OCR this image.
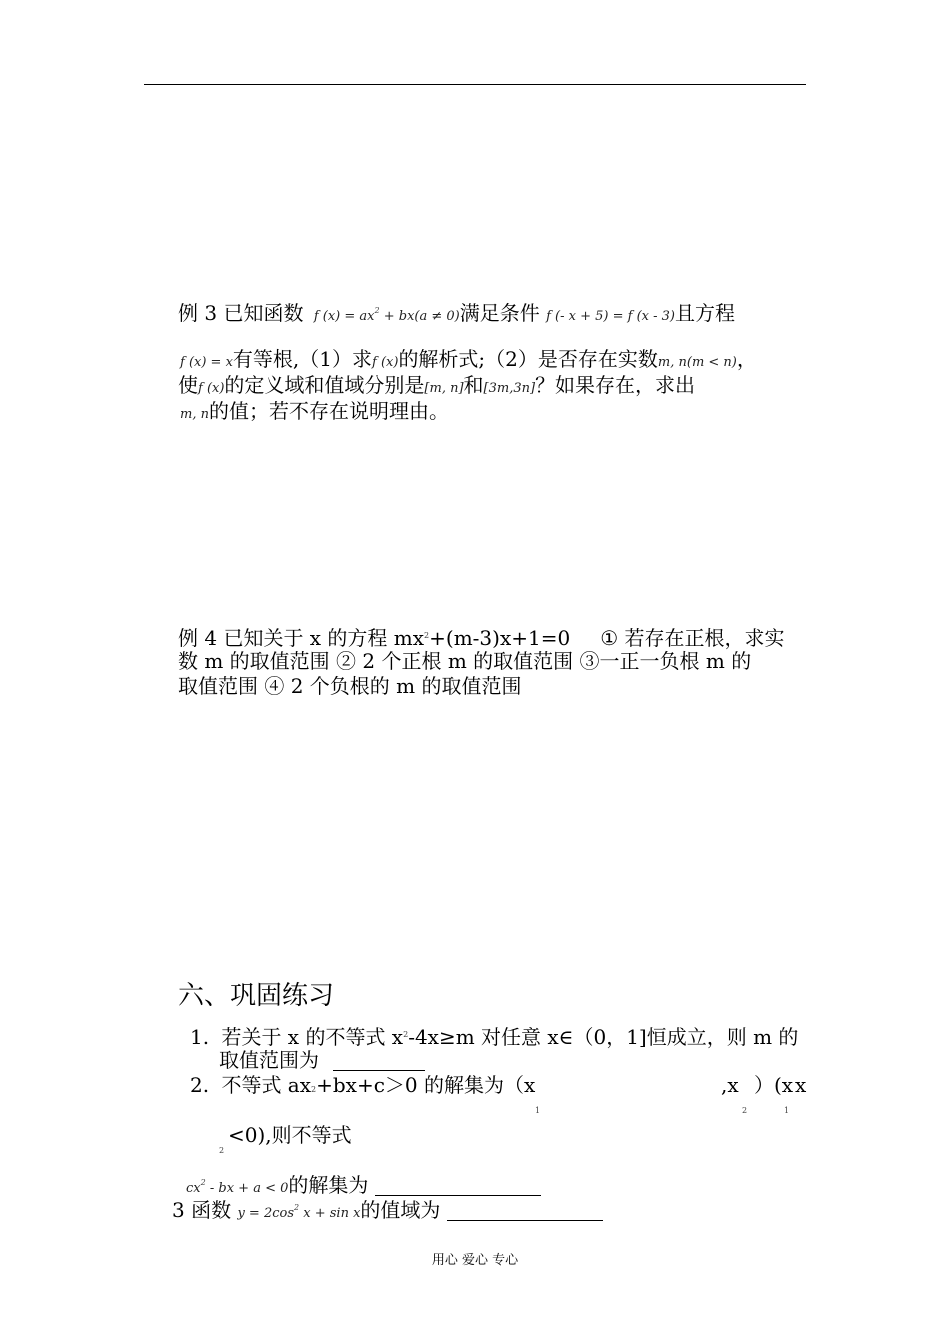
例 3 已知函数 f $(x) = ax^2 + bx(a \ne 0)$满足条件 f (- x + 5) = f (x - 3)且方程
f (x) = x有等根,（1）求f (x)的解析式;（2）是否存在实数m, n(m < n)，
使f (x)的定义域和值域分别是[m, n]和[3m,3n]？如果存在，求出
m, n的值；若不存在说明理由。
例 4 已知关于 x 的方程 $mx^2+(m-3)x+1=0$ ① 若存在正根，求实
数 m 的取值范围 ② 2 个正根 m 的取值范围 ③一正一负根 m 的
取值范围 ④ 2 个负根的 m 的取值范围
六、巩固练习
1. 若关于 x 的不等式 $x^2-4x\ge m$ 对任意 x∈（0，1]恒成立，则 m 的
取值范围为
2. 不等式 ax2+bx+c＞0 的解集为（x
1
,x
2
）(x
1
x
<0),则不等式
2
$cx^2$ - bx + a < 0的解集为
3 函数 $y = 2\cos^2$ x + sin x的值域为
用心 爱心 专心
